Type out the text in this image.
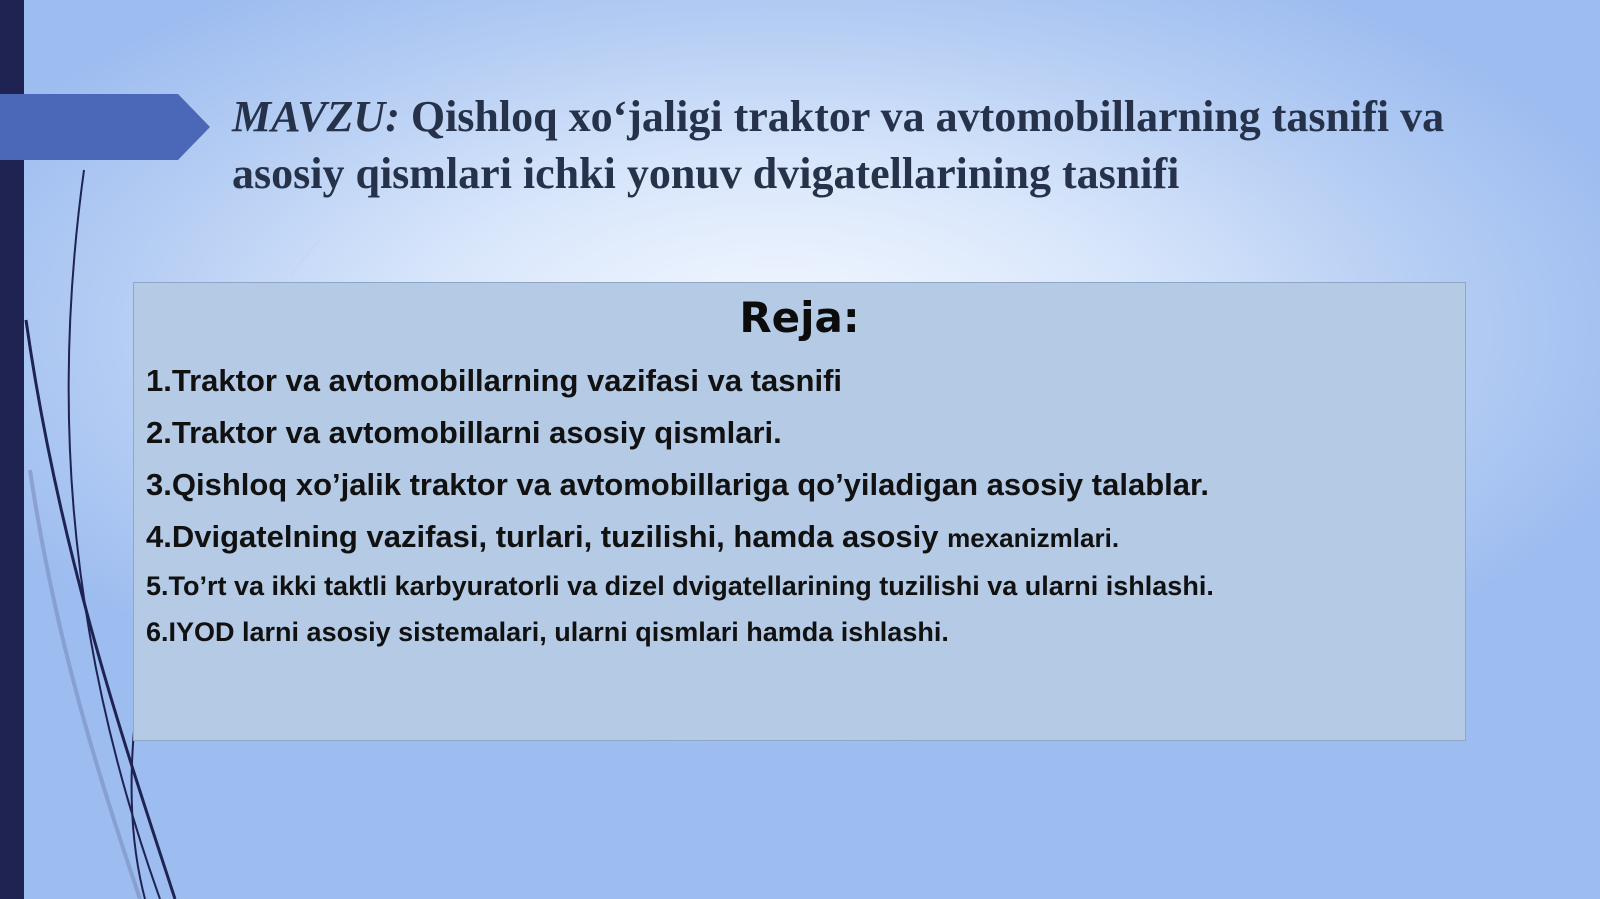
MAVZU: Qishloq xo‘jaligi traktor va avtomobillarning tasnifi va asosiy qismlari ichki yonuv dvigatellarining tasnifi
Reja:

1.Traktor va avtomobillarning vazifasi va tasnifi

2.Traktor va avtomobillarni asosiy qismlari.

3.Qishloq xo’jalik traktor va avtomobillariga qo’yiladigan asosiy talablar.

4.Dvigatelning vazifasi, turlari, tuzilishi, hamda asosiy mexanizmlari.

5.To’rt va ikki taktli karbyuratorli va dizel dvigatellarining tuzilishi va ularni ishlashi.

6.IYOD larni asosiy sistemalari, ularni qismlari hamda ishlashi.
